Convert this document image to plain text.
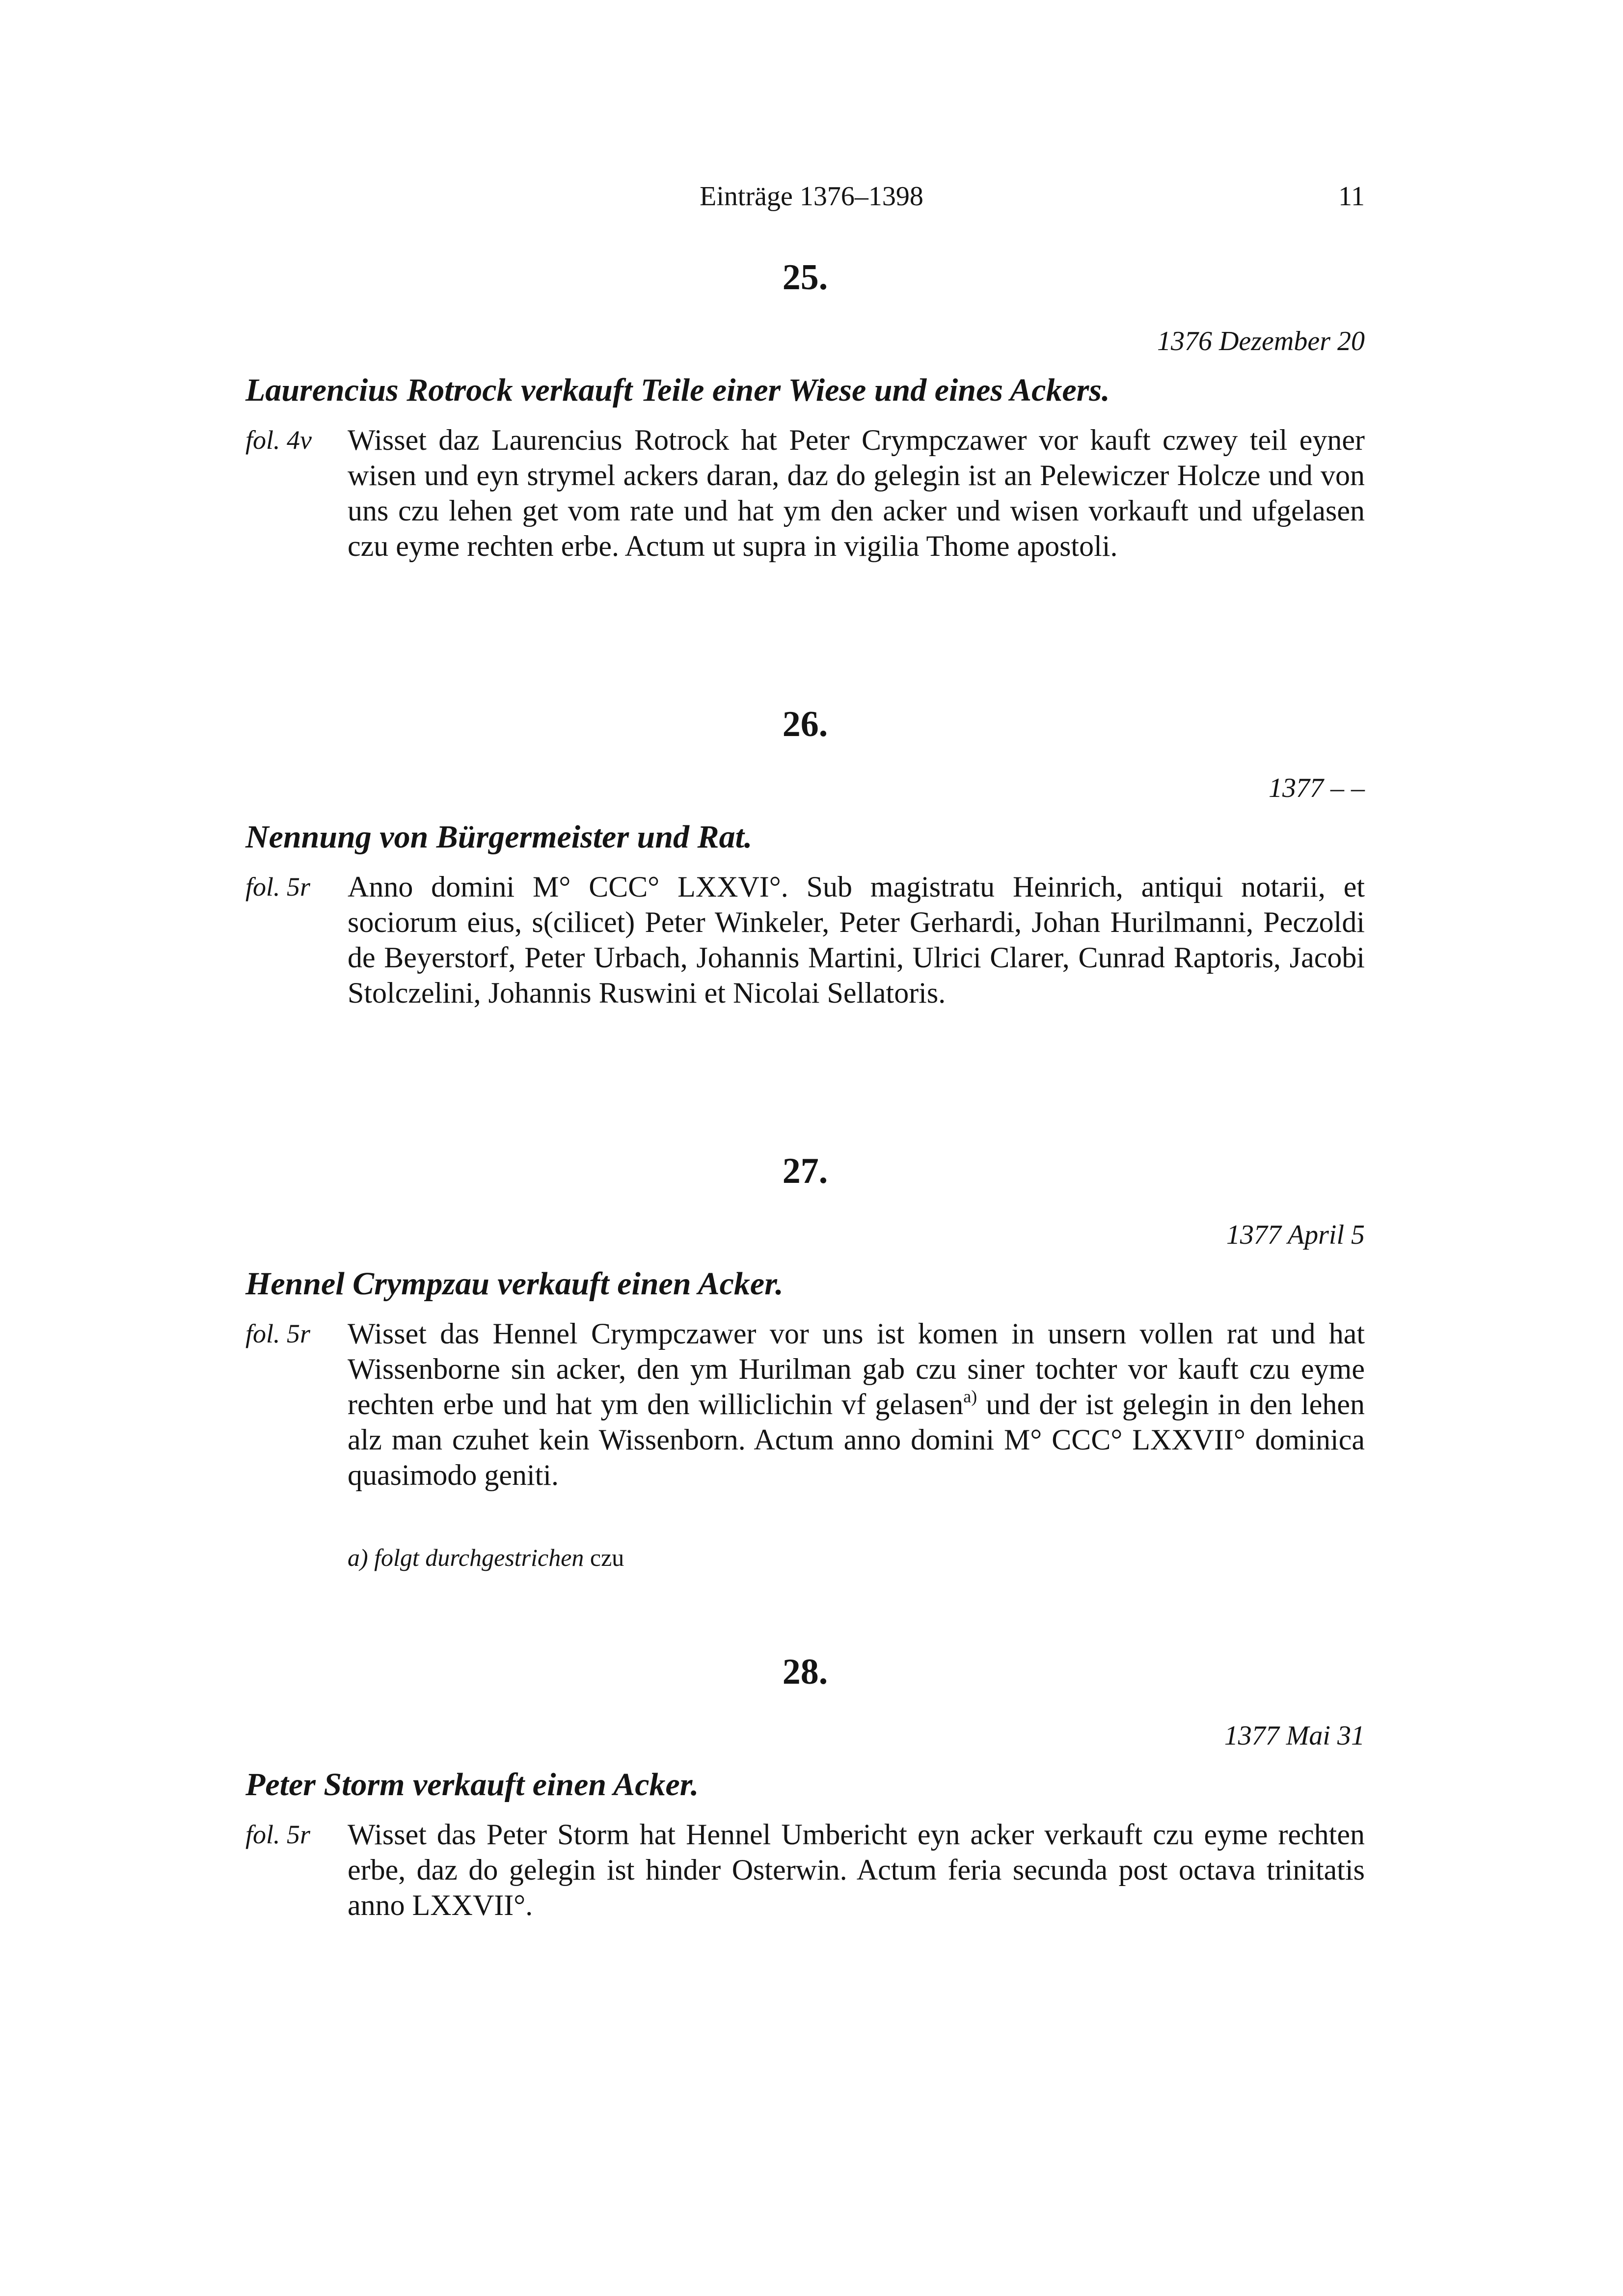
Einträge 1376–1398	11
25.
1376 Dezember 20
Laurencius Rotrock verkauft Teile einer Wiese und eines Ackers.
fol. 4v Wisset daz Laurencius Rotrock hat Peter Crympczawer vor kauft czwey teil eyner wisen und eyn strymel ackers daran, daz do gelegin ist an Pelewiczer Holcze und von uns czu lehen get vom rate und hat ym den acker und wisen vorkauft und ufgelasen czu eyme rechten erbe. Actum ut supra in vigilia Thome apostoli.
26.
1377 – –
Nennung von Bürgermeister und Rat.
fol. 5r Anno domini M° CCC° LXXVI°. Sub magistratu Heinrich, antiqui notarii, et sociorum eius, s(cilicet) Peter Winkeler, Peter Gerhardi, Johan Hurilmanni, Peczoldi de Beyerstorf, Peter Urbach, Johannis Martini, Ulrici Clarer, Cunrad Raptoris, Jacobi Stolczelini, Johannis Ruswini et Nicolai Sellatoris.
27.
1377 April 5
Hennel Crympzau verkauft einen Acker.
fol. 5r Wisset das Hennel Crympczawer vor uns ist komen in unsern vollen rat und hat Wissenborne sin acker, den ym Hurilman gab czu siner tochter vor kauft czu eyme rechten erbe und hat ym den williclichin vf gelasen$^{a)}$ und der ist gelegin in den lehen alz man czuhet kein Wissenborn. Actum anno domini M° CCC° LXXVII° dominica quasimodo geniti.
a) folgt durchgestrichen czu
28.
1377 Mai 31
Peter Storm verkauft einen Acker.
fol. 5r Wisset das Peter Storm hat Hennel Umbericht eyn acker verkauft czu eyme rechten erbe, daz do gelegin ist hinder Osterwin. Actum feria secunda post octava trinitatis anno LXXVII°.
